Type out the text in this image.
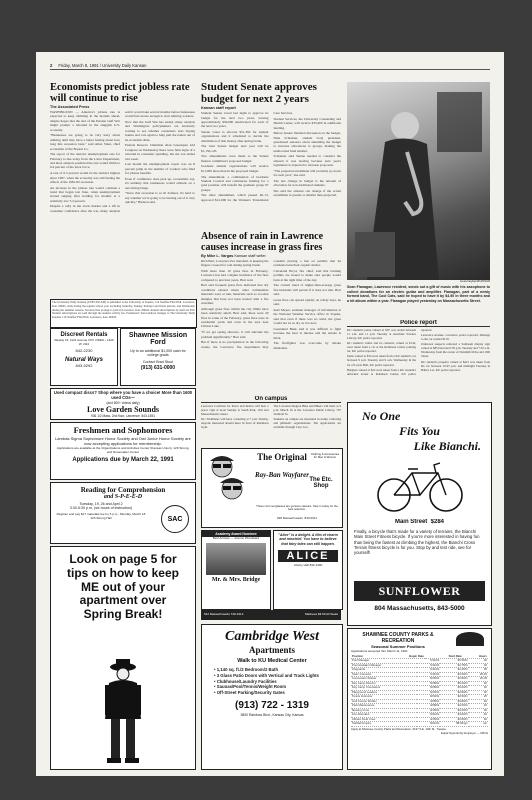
2 Friday, March 8, 1991 / University Daily Kansan
Economists predict jobless rate will continue to rise
The Associated Press

WASHINGTON — America's jobless rate is expected to keep climbing in the months ahead, despite hopes that the end of the Persian Gulf War might prompt a rebound in the sluggish U.S. economy.

"Businesses are going to be very leery about rehiring until they have a better feeling about how long this recession lasts," said Allen Sinai, chief economist of the Boston Co.

The report of the nation's unemployment rate for February is due today from the Labor Department, and most analysts predicted the rate would climb to 6.4 percent of the labor force.

A rate of 6.3 percent would be the nation's highest since 1987, when the economy was still feeling the effects of the 1981-82 recession.

An increase in the jobless rate would continue a trend that began last June, when unemployment started surging after holding for months at a relatively low 5.2 percent.

Despite a rally in the stock market and a lift in consumer confidence after the war, many analysts said it would take several months before businesses would feel secure enough to start rehiring workers.

Now that the Gulf War has ended, many analysts and Washington policymakers are anxiously waiting to see whether consumers start buying homes and cars again to help pull the nation out of its economic slide.

Federal Reserve Chairman Alan Greenspan told Congress on Wednesday there were faint signs of a rebound in consumer spending, but the war ended last week.

Last month the unemployment report was an 8 percent jump in the number of workers who filed for jobless benefits.

Even if confidence does pick up, economists say, it's unlikely that businesses would embark on a new hiring binge.

"Since this recession is so ill defined, it's hard to say whether we're going to be turning out of it very quickly," Hudson said.

The University Daily Kansan (USPS 650-640) is published at the University of Kansas, 119 Stauffer-Flint Hall, Lawrence, Kan. 66045, daily during the regular school year excluding Saturday, Sunday, holidays and finals periods, and Wednesday during the summer session. Second-class postage is paid in Lawrence, Kan. 66044. Annual subscriptions by mail are $50. Student subscriptions are paid through the student activity fee. Postmaster: Send address changes to The University Daily Kansan, 119 Stauffer-Flint Hall, Lawrence, Kan. 66045.
Discreet Rentals
Weekly 15, 1121 Avenue XXX VIDEO • 1426 W. 23rd
842-2230
Natural Ways
843-9292
Shawnee Mission Ford
Up to an additional $1,000 cash for
college grads
Contact Brad Stout
(913) 631-0000
Used compact discs? Shop where you have a choice! More than 1600 used CDs—
(and 600+ videos daily)
Love Garden Sounds
936 1/2 Mass. 2nd floor, Lawrence 843-1551
Freshmen and Sophomores
Lambda Sigma Sophomore Honor Society and Owl Junior Honor Society are now accepting applications for membership.
Applications are available at the Organizations and Activities Center (Kansas Union), 129 Strong, and Nunemaker Center
Applications due by March 22, 1991
Reading for Comprehension
and S-P-E-E-D
Tuesday, 19, 26 and April 2
3:30-5:30 p.m. (six hours of instruction)
Register and pay $17 materials fee by 5 p.m., Monday, March 18
123 Strong Hall	SAC
Look on page 5 for tips on how to keep ME out of your apartment over Spring Break!
Student Senate approves budget for next 2 years
Kansan staff report

Student Senate voted last night to approve its budget for the next two years, leaving approximately $39,000 unallocated for each of the next two years.

Senate voted to allocate $51,394 for student organizations and it scheduled to decide the distribution of that money after spring break.

The total Senate budget next year will be $1,150,145.

Two amendments were made to the Senate finance committee's proposed budget.

Graduate student organizations will receive $11,000 more than in the proposed budget.

The amendment, a combination of Graduate Student Council and continuous funding for a grad position, will benefit the graduate group 67 groups.

The other amendment, which passed 40-13, approved $12,000 for the Women's Transitional Care Services.

Student Services, the University Counseling and Health Center, will receive $35,000 in additional funding.

Before Senate finalized discussion on the budget, Nina Schreiner, student body president, questioned senators about amending the budget to increase allocations to groups, making the unallocated fund smaller.

Schreiner said Senate needed to consider the amount it was leaving because next year's legislature is expected to increase proposals.

"The projected enrollment will probably go down for next year," she said.

The last change in budget is the amount of allocation for non-traditional students.

She said the amount can change if the actual enrollment is greater or smaller than projected.

Absence of rain in Lawrence causes increase in grass fires
By Mike L. Vargas Kansan staff writer

Rich Barr, Lawrence fire marshall, is keeping his fingers crossed for rain during spring break.

With more than 10 grass fires in February, Lawrence has had a higher incidence of the fires compared to previous years, Barr said.

Barr said frequent grass fires indicated that dry conditions existed where other combustible materials were at risk, materials such as wooden shingles that have not been treated with a fire retardant.

Although grass fires within the city limits have been relatively small, Barr said, there were 20 fires in some of the February, grass fires were in residential yards and even in the area near Clinton Lake.

"If we get spring showers, it will alleviate the problem significantly," Barr said.

But if there is no precipitation in the following weeks, the Lawrence fire department may consider placing a ban on permits that let residents burn their organic matter.

Cleveland Boyd, fire chief, said that burning permits are issued to make sure people would burn at the right time of the day.

The current trend of higher-than-average grass fire incidents will persist if it does not rain, Barr said.

Grass fires can spread rapidly on windy days, he said.

Kurt Meyer, assistant manager of information at the National Weather Service office in Topeka, said that even if there was no wind, the grass would not be as dry as it is now.

Greenland Bank said it was difficult to fight because the heat is intense and the smoke is thick.

The firefighter was overcome by smoke inhalation.

Liesa Neyland/KANSAN
Sean Flanagan, Lawrence resident, sends out a gift of music with his saxophone to collect donations for an electric guitar and amplifier. Flanagan, part of a newly formed band, The Cool Cats, said he hoped to have it by $4.50 in three months and a hit album within a year. Flanagan played yesterday on Massachusetts Street.
Police report

KU student's purse valued at $97 was stolen between 11 a.m. and 11 p.m. Tuesday at Anschutz Science Library, KU police reported.

KU student's wallet and its contents, valued at $134, were taken from a car at the Robinson Center parking lot, KU police reported.

Items valued at $34 were taken from a KU student's car between 9 p.m. Tuesday and 9 a.m. Wednesday in the lot of Lewis Hall, KU police reported.

Burglars valued at $22 were taken from a KU student's unlocked locker at Robinson Center, KU police reported.

Lawrence Avenue. Lawrence police reported. Damage to the car totaled $150.

Unknown suspects removed a Sunbeam display sign valued at $85 between 6:30 p.m. Tuesday and 7:32 a.m. Wednesday from the corner of Naismith Drive and 19th Street.

KU student's property valued at $415 was taken from his car between 10:45 p.m. and midnight Tuesday in Bailey Lot, KU police reported.

On campus

Lawrence Coalition for Peace and Justice will host a peace vigil at noon Sunday at South Park, 11th and Massachusetts streets.

KU Triathletes will have a meeting at 7 p.m. Sunday. Anyone interested should meet in front of Robinson Gym.

The Lawrence Region Bike and Hikers will meet at 6 p.m. March 16 at the Lawrence Public Library, 707 Vermont St.

Students on campus are interested in stamp collecting and philatelic organizations. The applications are available through Cary Cox.

The Original	Clothing & Accessories for Men & Women
Ray-Ban Wayfarer
The Etc. Shop
These retro sunglasses are genuine classics. Stop in today for the best selection.
928 Massachusetts 843-0611
Academy Award Nominee
Best Actress — Joanne Woodward
Mr. & Mrs. Bridge
"Alice" is a delight. A film of charm and mischief. You have to believe that fairy tales can still happen.
ALICE
Liberty Hall 842-1390
642 Massachusetts 749-1912	Matinees $3.50 All Seats
Cambridge West
Apartments
Walk to KU Medical Center
• 1,140 sq. ft./2 Bedroom/2 Bath
• 3 Glass Patio Doors with Vertical and Track Lights
• Clubhouse/Laundry Facilities
• Saunas/Pool/Tennis/Weight Room
• Off-Street Parking/Security Gates
(913) 722 - 1319
3800 Rainbow Blvd., Kansas City, Kansas
No One
Fits You
Like Bianchi.
Main Street $284
Finally, a bicycle that's made for a variety of terrains, the Bianchi Main Street Fitness bicycle. If you're more interested in having fun than being the fastest at climbing the highest, the Bianchi Cross Terrain fitness bicycle is for you. Stop by and test ride, see for yourself!
SUNFLOWER
804 Massachusetts, 843-5000
SHAWNEE COUNTY PARKS & RECREATION
Seasonal Summer Positions
Applications accepted thru March 11, 1991
Position	Begin Date	Start Rate	Hours
Pool Manager	5/11/91	$5.50/hr	40
Pool Assistant Manager	5/11/91	$4.75/hr	40
Lifeguards	5/11/91	$4.25/hr	35
Swim Instructor	5/11/91	$4.50/hr	25-40
Concession Worker	5/25/91	$3.80/hr	20-35
Day Camp Director	5/28/91	$5.00/hr	40
Day Camp Counselors	5/28/91	$4.00/hr	40
Playground Leaders	6/03/91	$3.80/hr	40
Tennis Instructor	6/03/91	$4.50/hr	25
Golf Course Worker	4/08/91	$3.80/hr	40
Park Maintenance	4/08/91	$4.00/hr	40
Mowing Crew	4/15/91	$4.00/hr	40
Zoo Attendant	5/01/91	$4.00/hr	40
Athletic Field Crew	4/15/91	$3.80/hr	40
Softball Umpire	5/01/91	$8.00/gm	var
Apply at Shawnee County Parks and Recreation, 3137 S.E. 10th St., Topeka.
Equal Opportunity Employer — M/F/H
